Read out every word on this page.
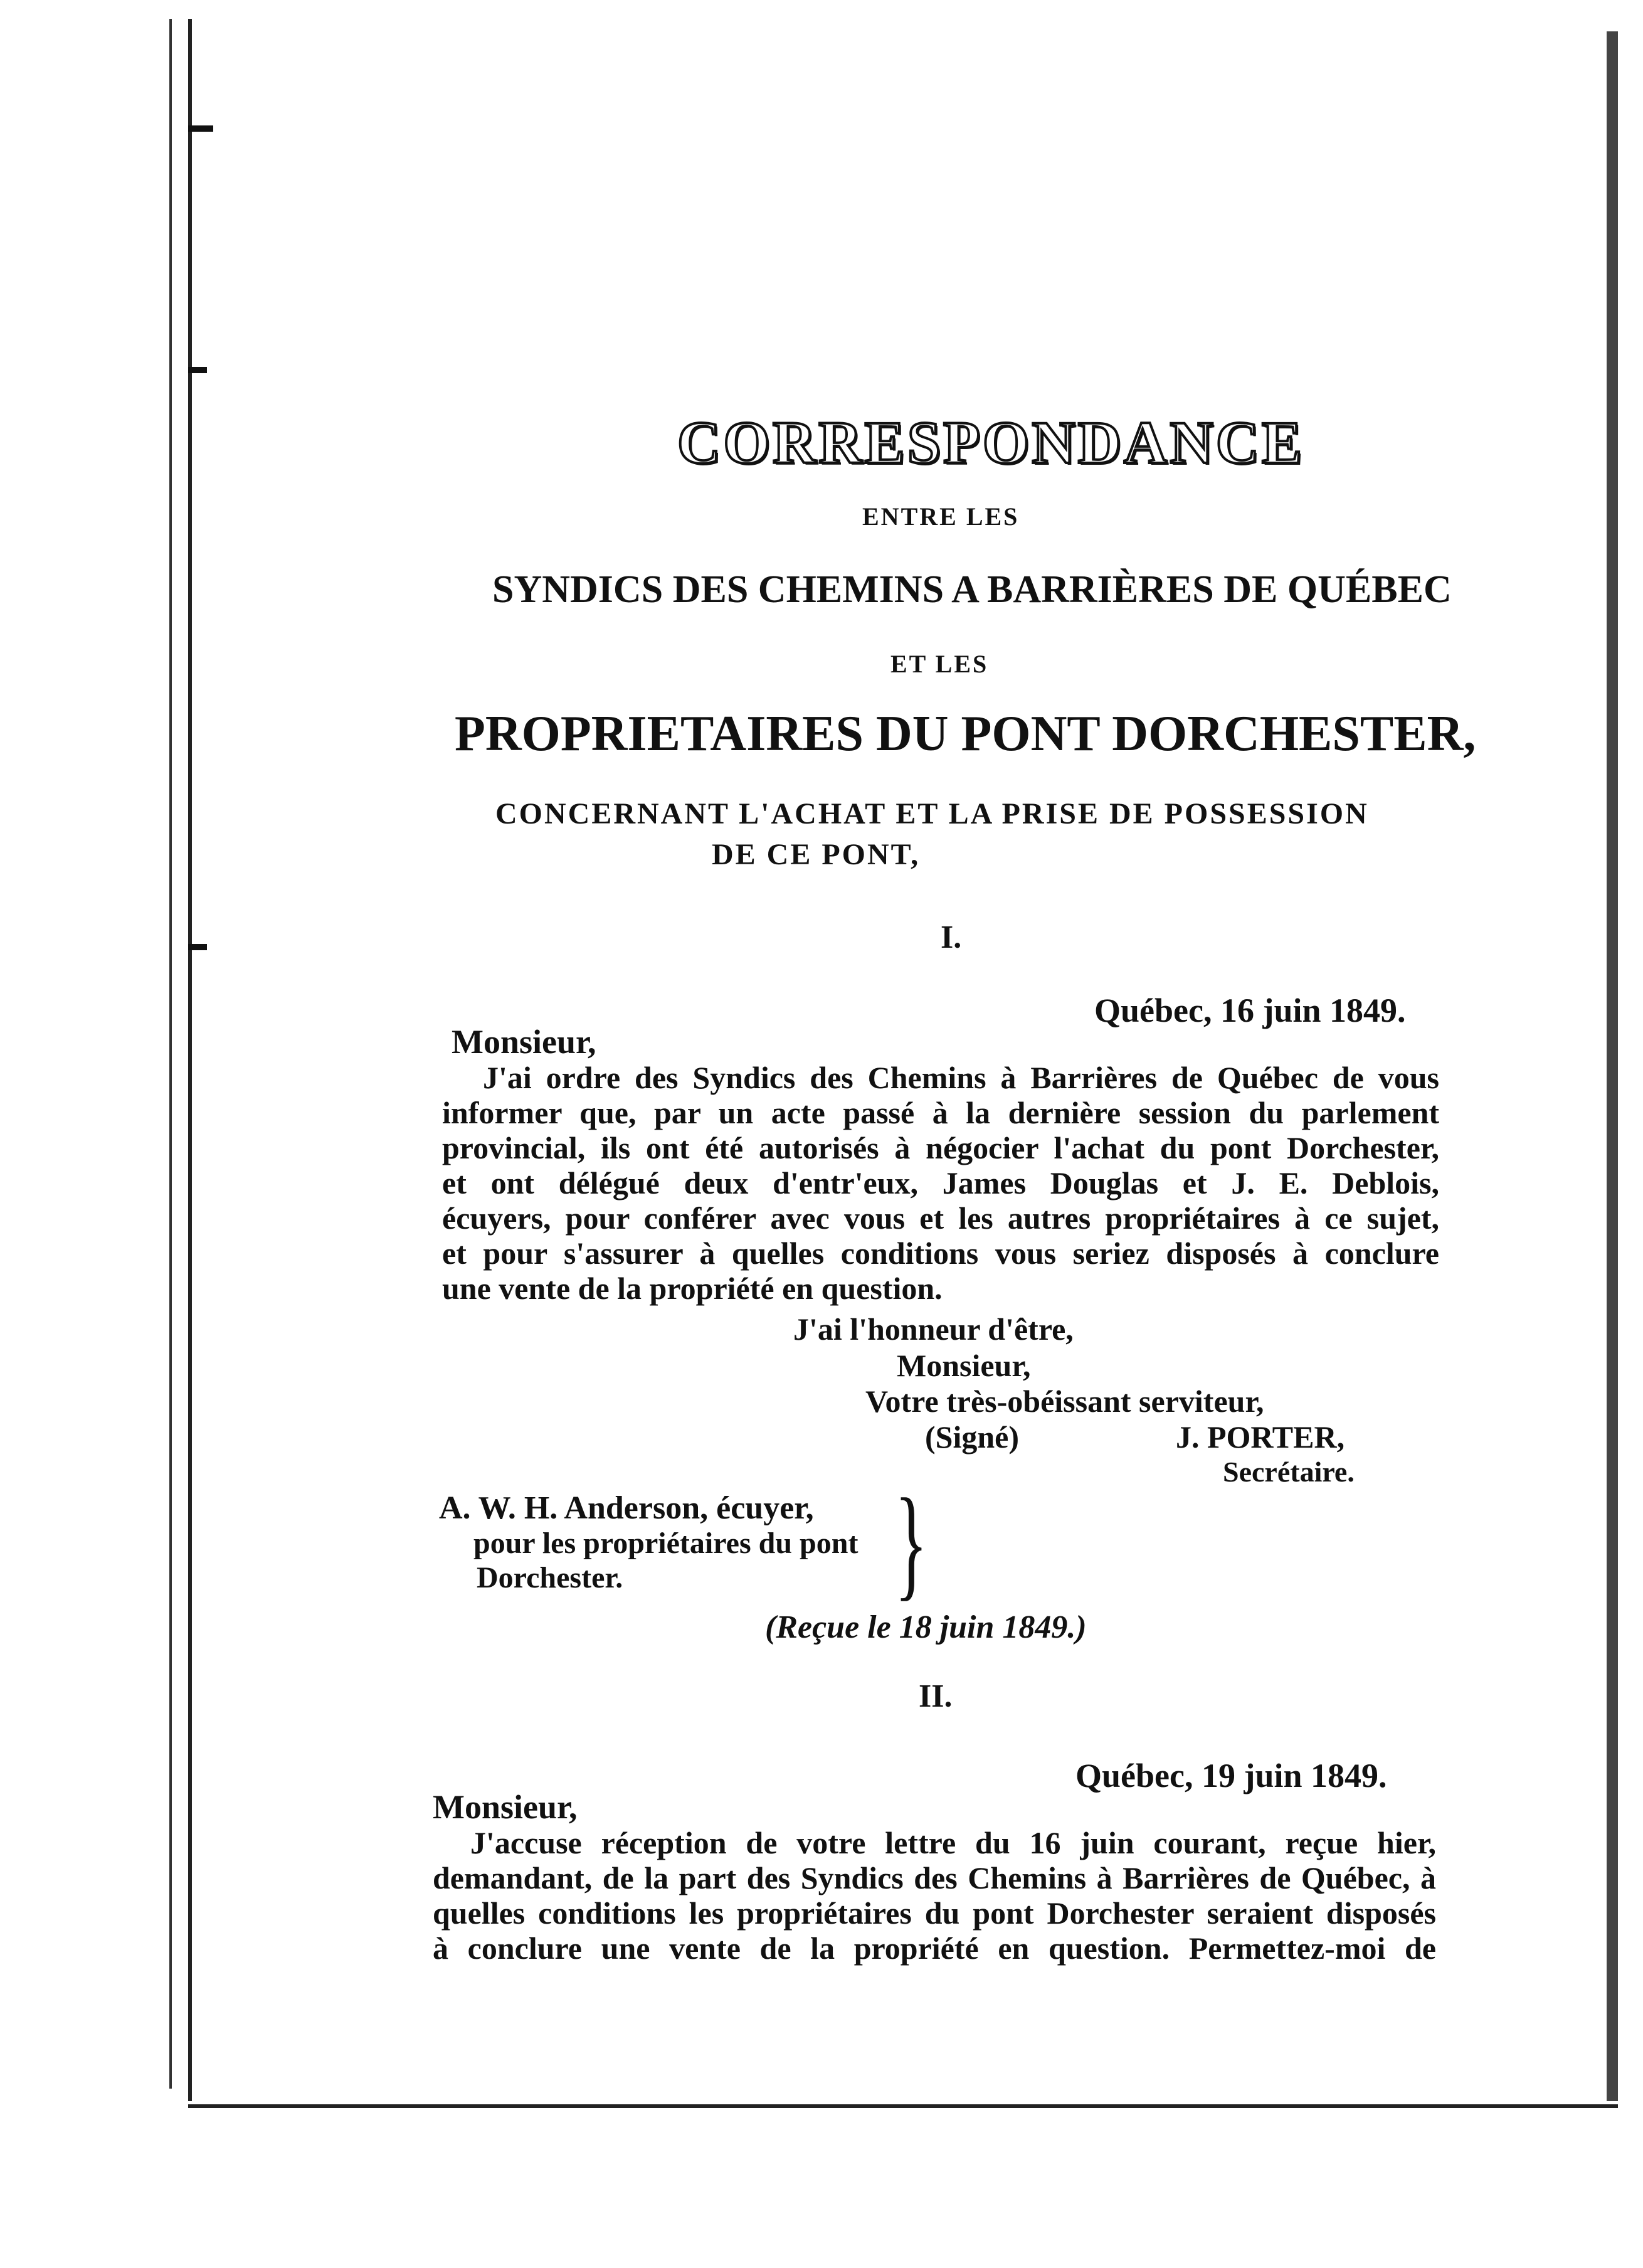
CORRESPONDANCE
ENTRE LES
SYNDICS DES CHEMINS A BARRIÈRES DE QUÉBEC
ET LES
PROPRIETAIRES DU PONT DORCHESTER,
CONCERNANT L'ACHAT ET LA PRISE DE POSSESSION
DE CE PONT,
I.
Québec, 16 juin 1849.
Monsieur,
J'ai ordre des Syndics des Chemins à Barrières de Québec de vous
informer que, par un acte passé à la dernière session du parlement
provincial, ils ont été autorisés à négocier l'achat du pont Dorchester,
et ont délégué deux d'entr'eux, James Douglas et J. E. Deblois,
écuyers, pour conférer avec vous et les autres propriétaires à ce sujet,
et pour s'assurer à quelles conditions vous seriez disposés à conclure
une vente de la propriété en question.
J'ai l'honneur d'être,
Monsieur,
Votre très-obéissant serviteur,
(Signé)	J. PORTER,
Secrétaire.
A. W. H. Anderson, écuyer,
pour les propriétaires du pont
Dorchester. }
(Reçue le 18 juin 1849.)
II.
Québec, 19 juin 1849.
Monsieur,
J'accuse réception de votre lettre du 16 juin courant, reçue hier,
demandant, de la part des Syndics des Chemins à Barrières de Québec, à
quelles conditions les propriétaires du pont Dorchester seraient disposés
à conclure une vente de la propriété en question. Permettez-moi de
